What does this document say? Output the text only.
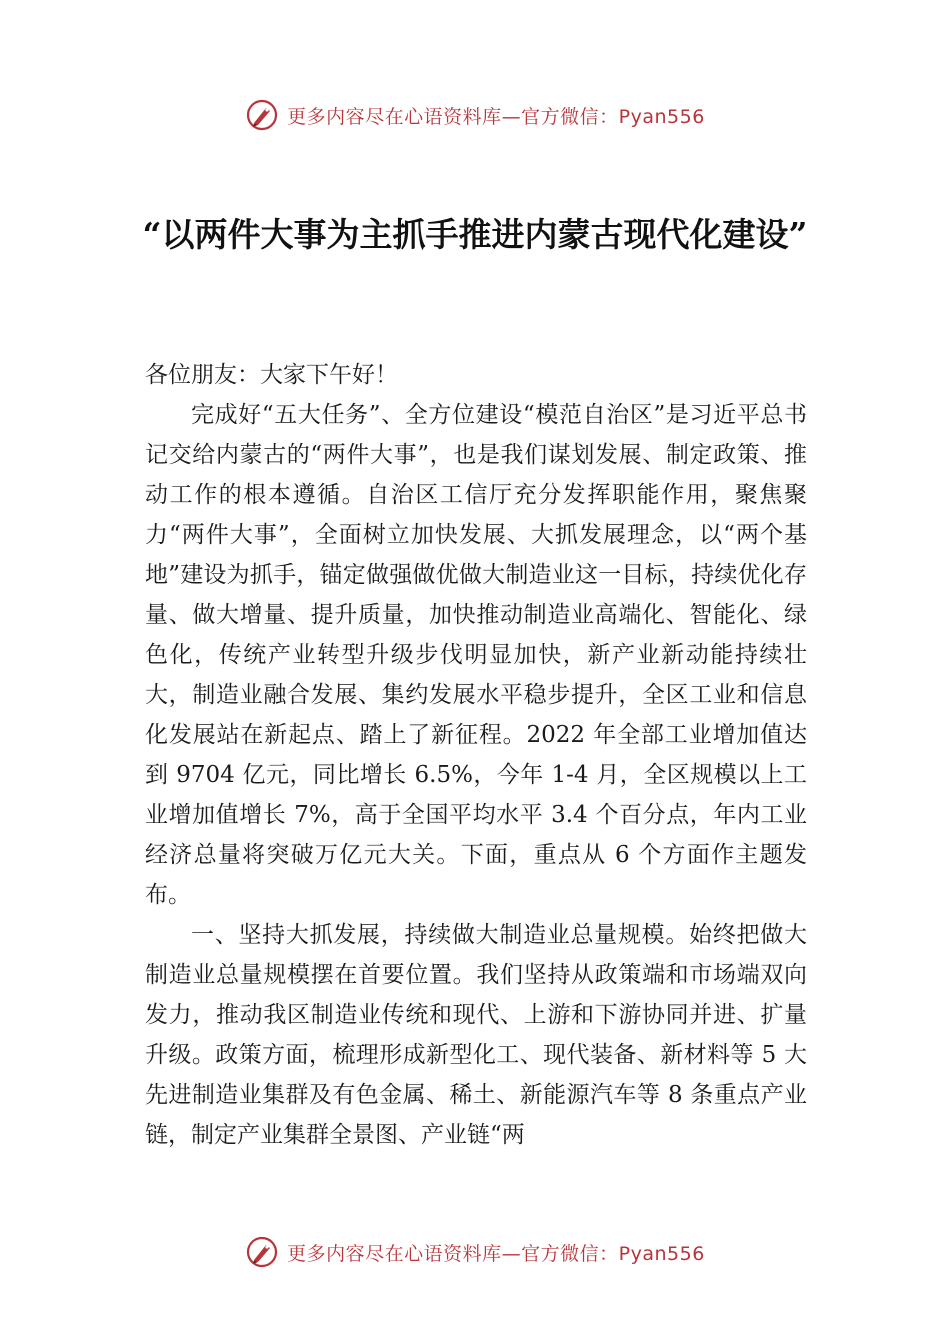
更多内容尽在心语资料库—官方微信：Pyan556
“以两件大事为主抓手推进内蒙古现代化建设”

各位朋友：大家下午好！

完成好“五大任务”、全方位建设“模范自治区”是习近平总书记交给内蒙古的“两件大事”，也是我们谋划发展、制定政策、推动工作的根本遵循。自治区工信厅充分发挥职能作用，聚焦聚力“两件大事”，全面树立加快发展、大抓发展理念，以“两个基地”建设为抓手，锚定做强做优做大制造业这一目标，持续优化存量、做大增量、提升质量，加快推动制造业高端化、智能化、绿色化，传统产业转型升级步伐明显加快，新产业新动能持续壮大，制造业融合发展、集约发展水平稳步提升，全区工业和信息化发展站在新起点、踏上了新征程。2022 年全部工业增加值达到 9704 亿元，同比增长 6.5%，今年 1-4 月，全区规模以上工业增加值增长 7%，高于全国平均水平 3.4 个百分点，年内工业经济总量将突破万亿元大关。下面，重点从 6 个方面作主题发布。

一、坚持大抓发展，持续做大制造业总量规模。始终把做大制造业总量规模摆在首要位置。我们坚持从政策端和市场端双向发力，推动我区制造业传统和现代、上游和下游协同并进、扩量升级。政策方面，梳理形成新型化工、现代装备、新材料等 5 大先进制造业集群及有色金属、稀土、新能源汽车等 8 条重点产业链，制定产业集群全景图、产业链“两

更多内容尽在心语资料库—官方微信：Pyan556
